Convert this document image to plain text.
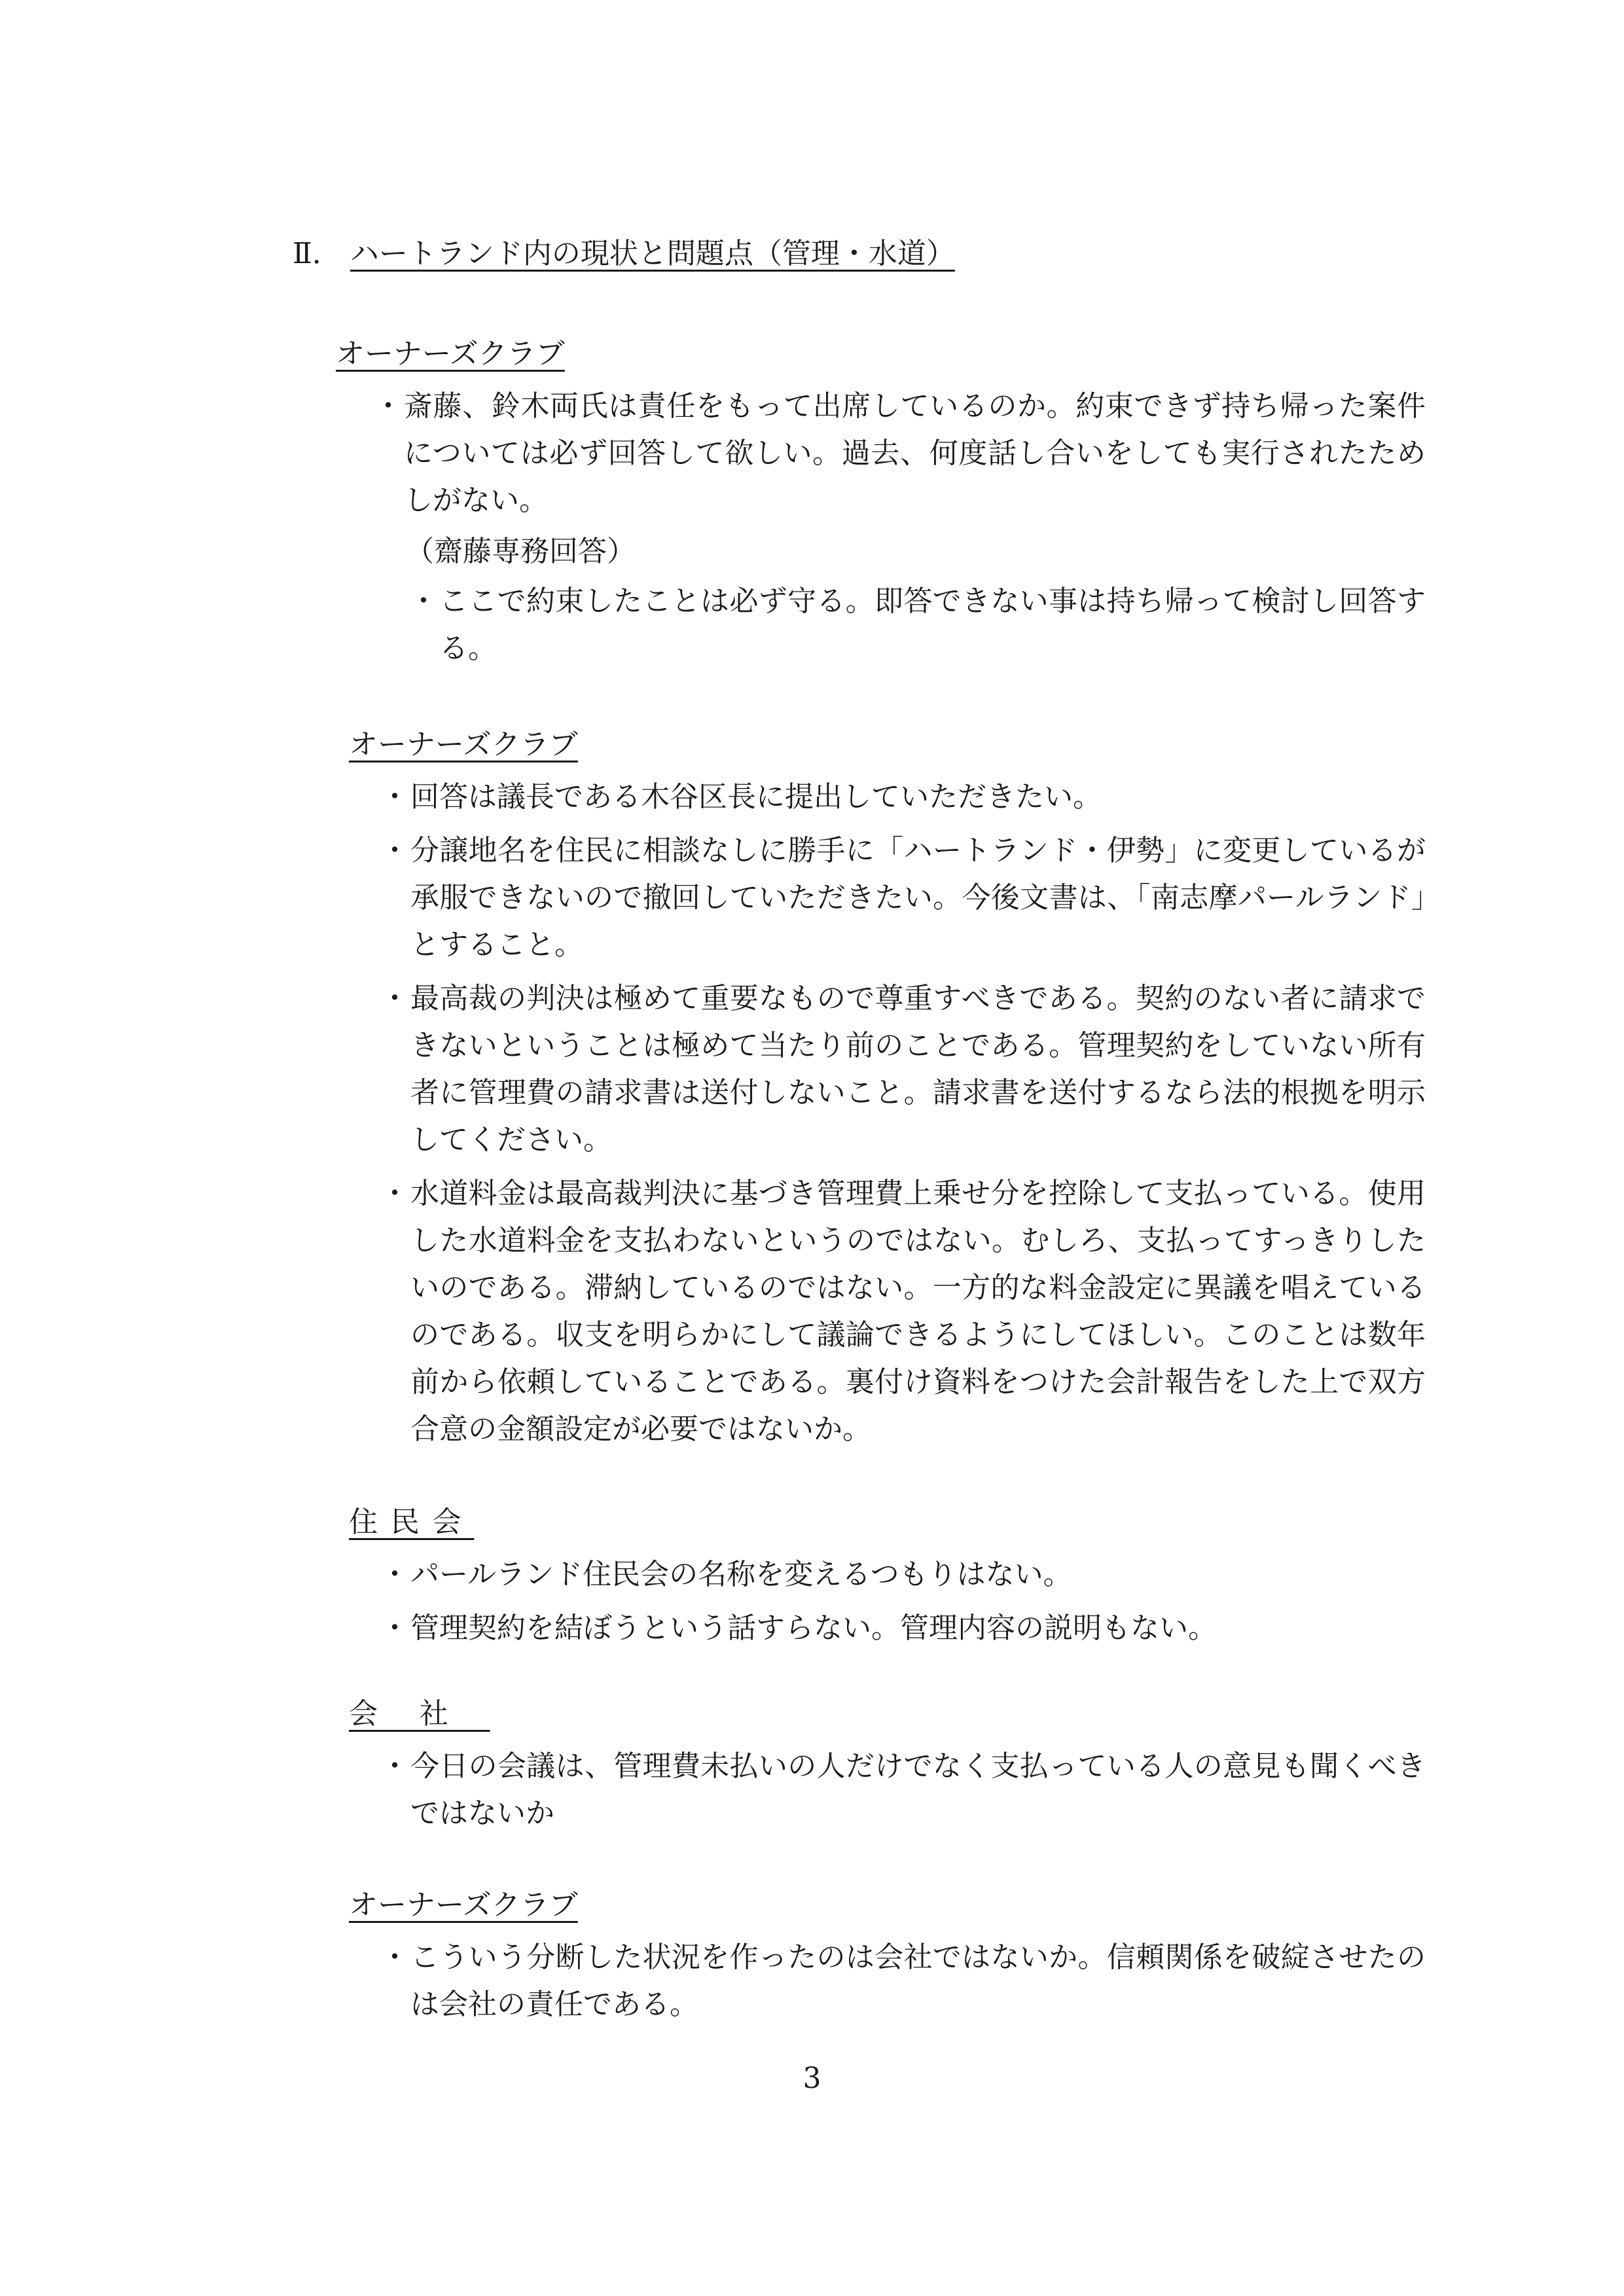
Ⅱ． ハートランド内の現状と問題点（管理・水道）
オーナーズクラブ
・ 斎藤、鈴木両氏は責任をもって出席しているのか。約束できず持ち帰った案件については必ず回答して欲しい。過去、何度話し合いをしても実行されたためしがない。
（齋藤専務回答）
・ ここで約束したことは必ず守る。即答できない事は持ち帰って検討し回答する。
オーナーズクラブ
・ 回答は議長である木谷区長に提出していただきたい。
・ 分譲地名を住民に相談なしに勝手に「ハートランド・伊勢」に変更しているが承服できないので撤回していただきたい。今後文書は、「南志摩パールランド」とすること。
・ 最高裁の判決は極めて重要なもので尊重すべきである。契約のない者に請求できないということは極めて当たり前のことである。管理契約をしていない所有者に管理費の請求書は送付しないこと。請求書を送付するなら法的根拠を明示してください。
・ 水道料金は最高裁判決に基づき管理費上乗せ分を控除して支払っている。使用した水道料金を支払わないというのではない。むしろ、支払ってすっきりしたいのである。滞納しているのではない。一方的な料金設定に異議を唱えているのである。収支を明らかにして議論できるようにしてほしい。このことは数年前から依頼していることである。裏付け資料をつけた会計報告をした上で双方合意の金額設定が必要ではないか。
住民会
・ パールランド住民会の名称を変えるつもりはない。
・ 管理契約を結ぼうという話すらない。管理内容の説明もない。
会社
・ 今日の会議は、管理費未払いの人だけでなく支払っている人の意見も聞くべきではないか
オーナーズクラブ
・ こういう分断した状況を作ったのは会社ではないか。信頼関係を破綻させたのは会社の責任である。
3
